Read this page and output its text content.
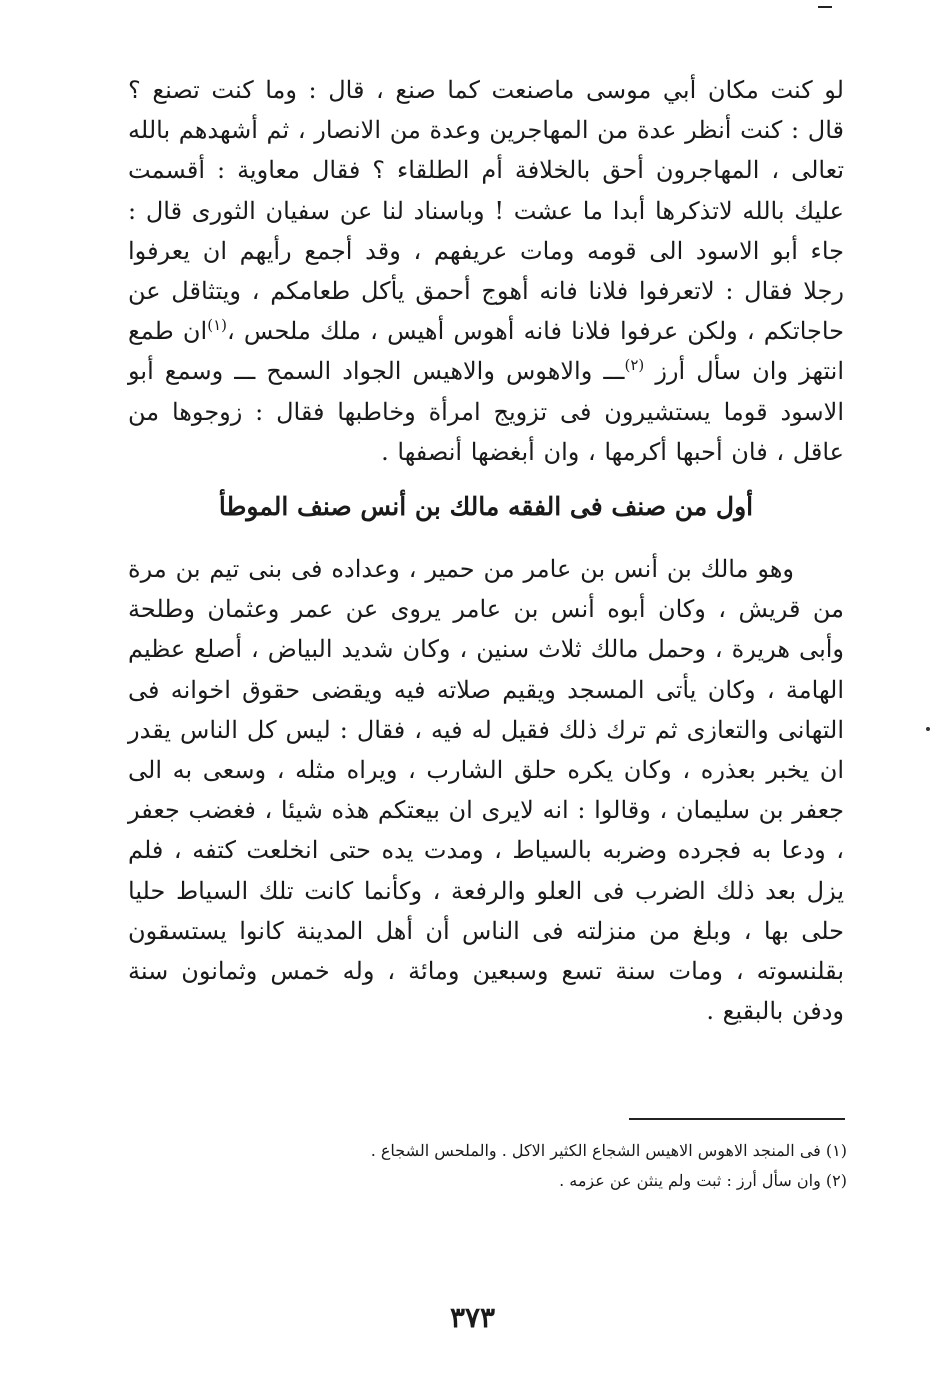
لو كنت مكان أبي موسى ماصنعت كما صنع ، قال : وما كنت تصنع ؟ قال : كنت أنظر عدة من المهاجرين وعدة من الانصار ، ثم أشهدهم بالله تعالى ، المهاجرون أحق بالخلافة أم الطلقاء ؟ فقال معاوية : أقسمت عليك بالله لاتذكرها أبدا ما عشت ! وباسناد لنا عن سفيان الثورى قال : جاء أبو الاسود الى قومه ومات عريفهم ، وقد أجمع رأيهم ان يعرفوا رجلا فقال : لاتعرفوا فلانا فانه أهوج أحمق يأكل طعامكم ، ويتثاقل عن حاجاتكم ، ولكن عرفوا فلانا فانه أهوس أهيس ، ملك ملحس ،$^{(١)}$ان طمع انتهز وان سأل أرز $^{(٢)}$ـــ والاهوس والاهيس الجواد السمح ـــ وسمع أبو الاسود قوما يستشيرون فى تزويج امرأة وخاطبها فقال : زوجوها من عاقل ، فان أحبها أكرمها ، وان أبغضها أنصفها .
أول من صنف فى الفقه مالك بن أنس صنف الموطأ
وهو مالك بن أنس بن عامر من حمير ، وعداده فى بنى تيم بن مرة من قريش ، وكان أبوه أنس بن عامر يروى عن عمر وعثمان وطلحة وأبى هريرة ، وحمل مالك ثلاث سنين ، وكان شديد البياض ، أصلع عظيم الهامة ، وكان يأتى المسجد ويقيم صلاته فيه ويقضى حقوق اخوانه فى التهانى والتعازى ثم ترك ذلك فقيل له فيه ، فقال : ليس كل الناس يقدر ان يخبر بعذره ، وكان يكره حلق الشارب ، ويراه مثله ، وسعى به الى جعفر بن سليمان ، وقالوا : انه لايرى ان بيعتكم هذه شيئا ، فغضب جعفر ، ودعا به فجرده وضربه بالسياط ، ومدت يده حتى انخلعت كتفه ، فلم يزل بعد ذلك الضرب فى العلو والرفعة ، وكأنما كانت تلك السياط حليا حلى بها ، وبلغ من منزلته فى الناس أن أهل المدينة كانوا يستسقون بقلنسوته ، ومات سنة تسع وسبعين ومائة ، وله خمس وثمانون سنة ودفن بالبقيع .
(١) فى المنجد الاهوس الاهيس الشجاع الكثير الاكل . والملحس الشجاع .
(٢) وان سأل أرز : ثبت ولم ينثن عن عزمه .
٣٧٣
